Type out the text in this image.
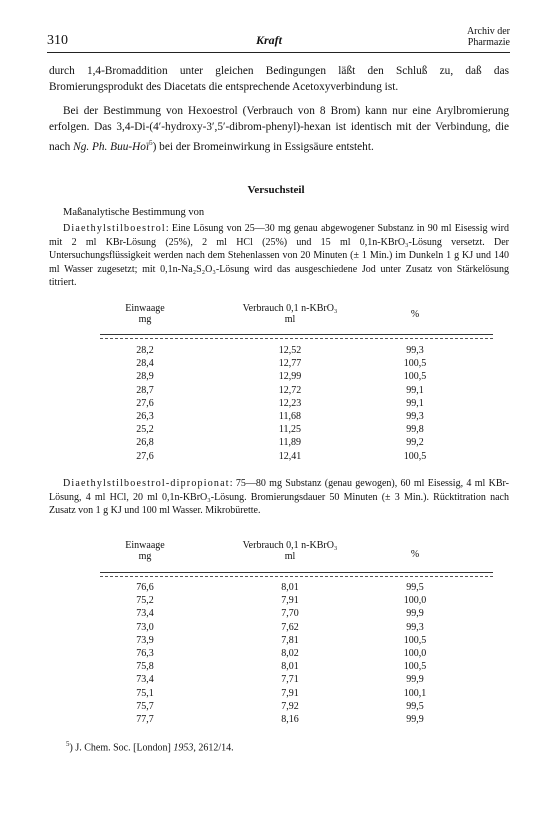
310	Kraft
Archiv der
Pharmazie
durch 1,4-Bromaddition unter gleichen Bedingungen läßt den Schluß zu, daß das Bromierungsprodukt des Diacetats die entsprechende Acetoxyverbindung ist.
Bei der Bestimmung von Hexoestrol (Verbrauch von 8 Brom) kann nur eine Arylbromierung erfolgen. Das 3,4-Di-(4′-hydroxy-3′,5′-dibrom-phenyl)-hexan ist identisch mit der Verbindung, die nach Ng. Ph. Buu-Hoï$^5$) bei der Bromeinwirkung in Essigsäure entsteht.
Versuchsteil
Maßanalytische Bestimmung von
Diaethylstilboestrol: Eine Lösung von 25—30 mg genau abgewogener Substanz in 90 ml Eisessig wird mit 2 ml KBr-Lösung (25%), 2 ml HCl (25%) und 15 ml 0,1n-KBrO₃-Lösung versetzt. Der Untersuchungsflüssigkeit werden nach dem Stehenlassen von 20 Minuten (± 1 Min.) im Dunkeln 1 g KJ und 140 ml Wasser zugesetzt; mit 0,1n-Na₂S₂O₃-Lösung wird das ausgeschiedene Jod unter Zusatz von Stärkelösung titriert.
Einwaage
mg
Verbrauch 0,1 n-KBrO₃
ml	%
28,2	12,52	99,3
28,4	12,77	100,5
28,9	12,99	100,5
28,7	12,72	99,1
27,6	12,23	99,1
26,3	11,68	99,3
25,2	11,25	99,8
26,8	11,89	99,2
27,6	12,41	100,5
Diaethylstilboestrol-dipropionat: 75—80 mg Substanz (genau gewogen), 60 ml Eisessig, 4 ml KBr-Lösung, 4 ml HCl, 20 ml 0,1n-KBrO₃-Lösung. Bromierungsdauer 50 Minuten (± 3 Min.). Rücktitration nach Zusatz von 1 g KJ und 100 ml Wasser. Mikrobürette.
Einwaage
mg
Verbrauch 0,1 n-KBrO₃
ml	%
76,6	8,01	99,5
75,2	7,91	100,0
73,4	7,70	99,9
73,0	7,62	99,3
73,9	7,81	100,5
76,3	8,02	100,0
75,8	8,01	100,5
73,4	7,71	99,9
75,1	7,91	100,1
75,7	7,92	99,5
77,7	8,16	99,9
$^5$) J. Chem. Soc. [London] 1953, 2612/14.
